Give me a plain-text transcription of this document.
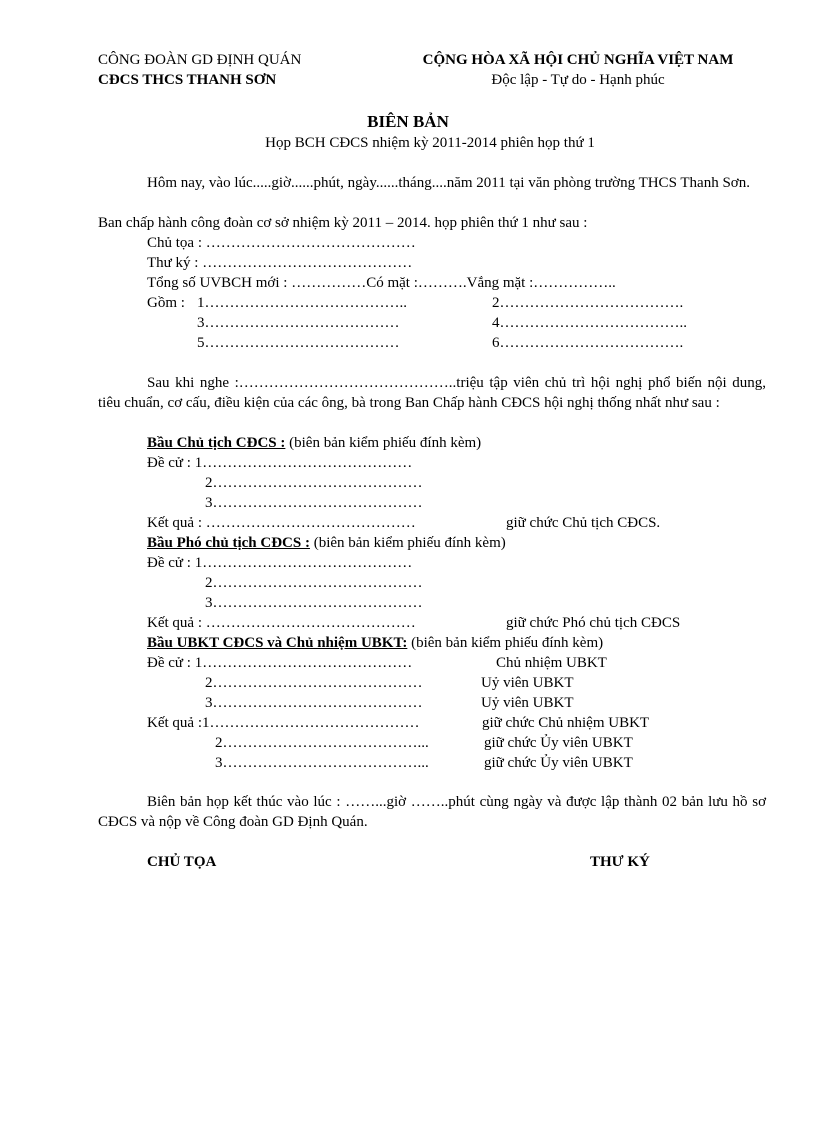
CÔNG ĐOÀN GD ĐỊNH QUÁN
CĐCS THCS THANH SƠN
CỘNG HÒA XÃ HỘI CHỦ NGHĨA VIỆT NAM
Độc lập - Tự do - Hạnh phúc
BIÊN BẢN
Họp BCH CĐCS nhiệm kỳ 2011-2014 phiên họp thứ 1
Hôm nay, vào lúc.....giờ......phút, ngày......tháng....năm 2011 tại văn phòng trường THCS Thanh Sơn.
Ban chấp hành công đoàn cơ sở nhiệm kỳ 2011 – 2014. họp phiên thứ 1 như sau :
Chủ tọa : ……………………………………
Thư ký : ……………………………………
Tổng số UVBCH mới : ……………Có mặt :……….Vắng mặt :……………..
Gồm : 1…………………………………..	2……………………………….
3…………………………………	4………………………………..
5…………………………………	6……………………………….
Sau khi nghe :……………………………………..triệu tập viên chủ trì hội nghị phổ biến nội dung, tiêu chuẩn, cơ cấu, điều kiện của các ông, bà trong Ban Chấp hành CĐCS hội nghị thống nhất như sau :
Bầu Chủ tịch CĐCS : (biên bản kiểm phiếu đính kèm)
Đề cử : 1……………………………………
2……………………………………
3……………………………………
Kết quả : ……………………………………	giữ chức Chủ tịch CĐCS.
Bầu Phó chủ tịch CĐCS : (biên bản kiểm phiếu đính kèm)
Đề cử : 1……………………………………
2……………………………………
3……………………………………
Kết quả : ……………………………………	giữ chức Phó chủ tịch CĐCS
Bầu UBKT CĐCS và Chủ nhiệm UBKT: (biên bản kiểm phiếu đính kèm)
Đề cử : 1……………………………………	Chủ nhiệm UBKT
2……………………………………	Uỷ viên UBKT
3……………………………………	Uỷ viên UBKT
Kết quả :1……………………………………	giữ chức Chủ nhiệm UBKT
2…………………………………...	giữ chức Ủy viên UBKT
3…………………………………...	giữ chức Ủy viên UBKT
Biên bản họp kết thúc vào lúc : ……...giờ ……..phút cùng ngày và được lập thành 02 bản lưu hồ sơ CĐCS và nộp về Công đoàn GD Định Quán.
CHỦ TỌA	THƯ KÝ
